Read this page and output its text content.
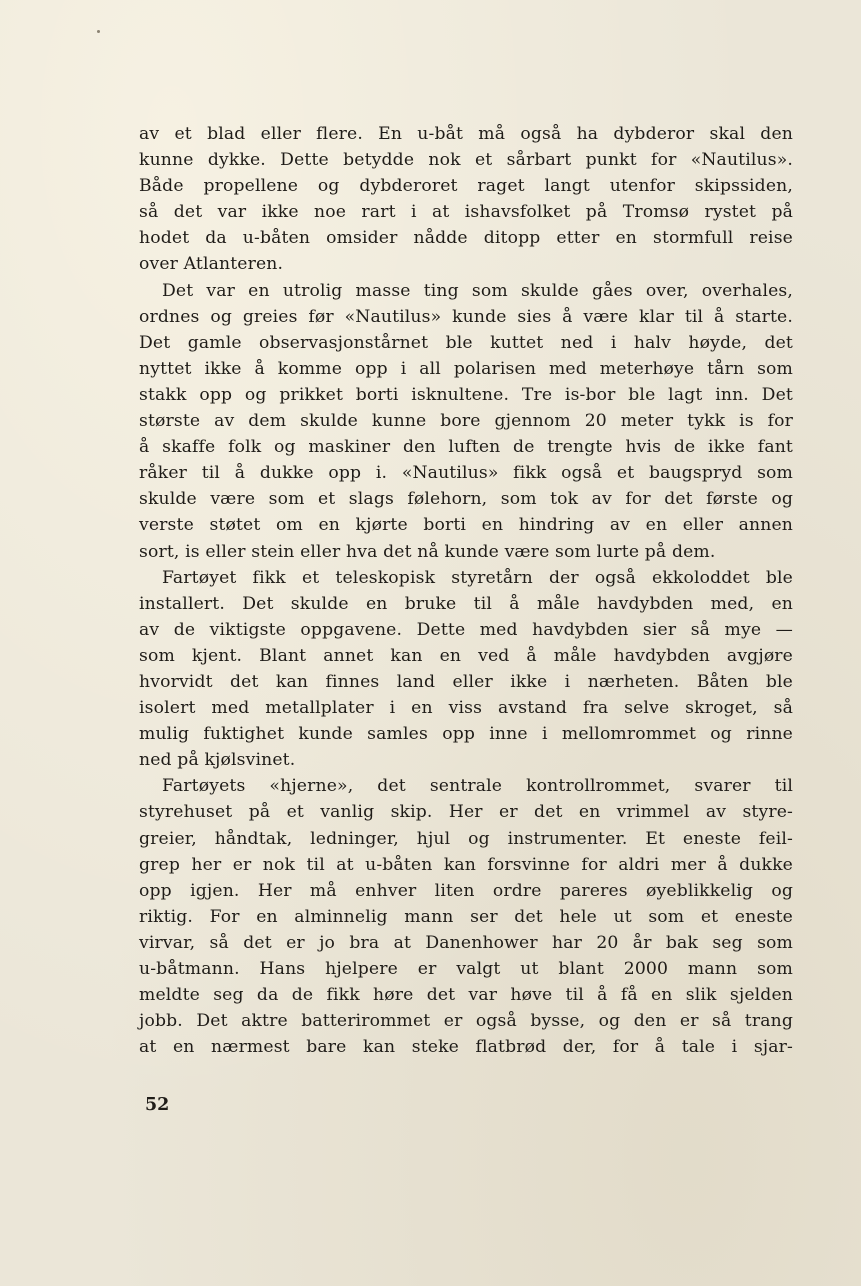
av et blad eller flere. En u-båt må også ha dybderor skal den
kunne dykke. Dette betydde nok et sårbart punkt for «Nautilus».
Både propellene og dybderoret raget langt utenfor skipssiden,
så det var ikke noe rart i at ishavsfolket på Tromsø rystet på
hodet da u-båten omsider nådde ditopp etter en stormfull reise
over Atlanteren.
Det var en utrolig masse ting som skulde gåes over, overhales,
ordnes og greies før «Nautilus» kunde sies å være klar til å starte.
Det gamle observasjonstårnet ble kuttet ned i halv høyde, det
nyttet ikke å komme opp i all polarisen med meterhøye tårn som
stakk opp og prikket borti isknultene. Tre is-bor ble lagt inn. Det
største av dem skulde kunne bore gjennom 20 meter tykk is for
å skaffe folk og maskiner den luften de trengte hvis de ikke fant
råker til å dukke opp i. «Nautilus» fikk også et baugspryd som
skulde være som et slags følehorn, som tok av for det første og
verste støtet om en kjørte borti en hindring av en eller annen
sort, is eller stein eller hva det nå kunde være som lurte på dem.
Fartøyet fikk et teleskopisk styretårn der også ekkoloddet ble
installert. Det skulde en bruke til å måle havdybden med, en
av de viktigste oppgavene. Dette med havdybden sier så mye —
som kjent. Blant annet kan en ved å måle havdybden avgjøre
hvorvidt det kan finnes land eller ikke i nærheten. Båten ble
isolert med metallplater i en viss avstand fra selve skroget, så
mulig fuktighet kunde samles opp inne i mellomrommet og rinne
ned på kjølsvinet.
Fartøyets «hjerne», det sentrale kontrollrommet, svarer til
styrehuset på et vanlig skip. Her er det en vrimmel av styre-
greier, håndtak, ledninger, hjul og instrumenter. Et eneste feil-
grep her er nok til at u-båten kan forsvinne for aldri mer å dukke
opp igjen. Her må enhver liten ordre pareres øyeblikkelig og
riktig. For en alminnelig mann ser det hele ut som et eneste
virvar, så det er jo bra at Danenhower har 20 år bak seg som
u-båtmann. Hans hjelpere er valgt ut blant 2000 mann som
meldte seg da de fikk høre det var høve til å få en slik sjelden
jobb. Det aktre batterirommet er også bysse, og den er så trang
at en nærmest bare kan steke flatbrød der, for å tale i sjar-
52
